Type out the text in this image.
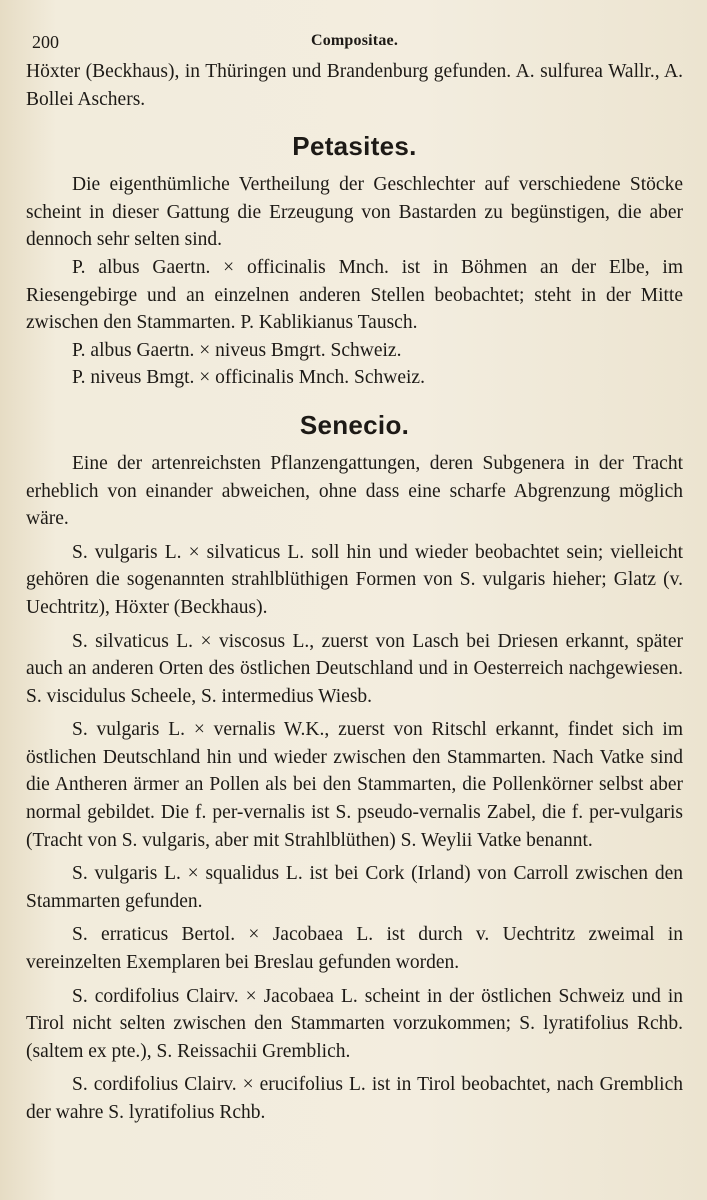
200	Compositae.

Höxter (Beckhaus), in Thüringen und Brandenburg gefunden. A. sulfurea Wallr., A. Bollei Aschers.

Petasites.

Die eigenthümliche Vertheilung der Geschlechter auf verschiedene Stöcke scheint in dieser Gattung die Erzeugung von Bastarden zu begünstigen, die aber dennoch sehr selten sind.

P. albus Gaertn. × officinalis Mnch. ist in Böhmen an der Elbe, im Riesengebirge und an einzelnen anderen Stellen beobachtet; steht in der Mitte zwischen den Stammarten. P. Kablikianus Tausch.

P. albus Gaertn. × niveus Bmgrt. Schweiz.

P. niveus Bmgt. × officinalis Mnch. Schweiz.

Senecio.

Eine der artenreichsten Pflanzengattungen, deren Subgenera in der Tracht erheblich von einander abweichen, ohne dass eine scharfe Abgrenzung möglich wäre.

S. vulgaris L. × silvaticus L. soll hin und wieder beobachtet sein; vielleicht gehören die sogenannten strahlblüthigen Formen von S. vulgaris hieher; Glatz (v. Uechtritz), Höxter (Beckhaus).

S. silvaticus L. × viscosus L., zuerst von Lasch bei Driesen erkannt, später auch an anderen Orten des östlichen Deutschland und in Oesterreich nachgewiesen. S. viscidulus Scheele, S. intermedius Wiesb.

S. vulgaris L. × vernalis W.K., zuerst von Ritschl erkannt, findet sich im östlichen Deutschland hin und wieder zwischen den Stammarten. Nach Vatke sind die Antheren ärmer an Pollen als bei den Stammarten, die Pollenkörner selbst aber normal gebildet. Die f. per-vernalis ist S. pseudo-vernalis Zabel, die f. per-vulgaris (Tracht von S. vulgaris, aber mit Strahlblüthen) S. Weylii Vatke benannt.

S. vulgaris L. × squalidus L. ist bei Cork (Irland) von Carroll zwischen den Stammarten gefunden.

S. erraticus Bertol. × Jacobaea L. ist durch v. Uechtritz zweimal in vereinzelten Exemplaren bei Breslau gefunden worden.

S. cordifolius Clairv. × Jacobaea L. scheint in der östlichen Schweiz und in Tirol nicht selten zwischen den Stammarten vorzukommen; S. lyratifolius Rchb. (saltem ex pte.), S. Reissachii Gremblich.

S. cordifolius Clairv. × erucifolius L. ist in Tirol beobachtet, nach Gremblich der wahre S. lyratifolius Rchb.
